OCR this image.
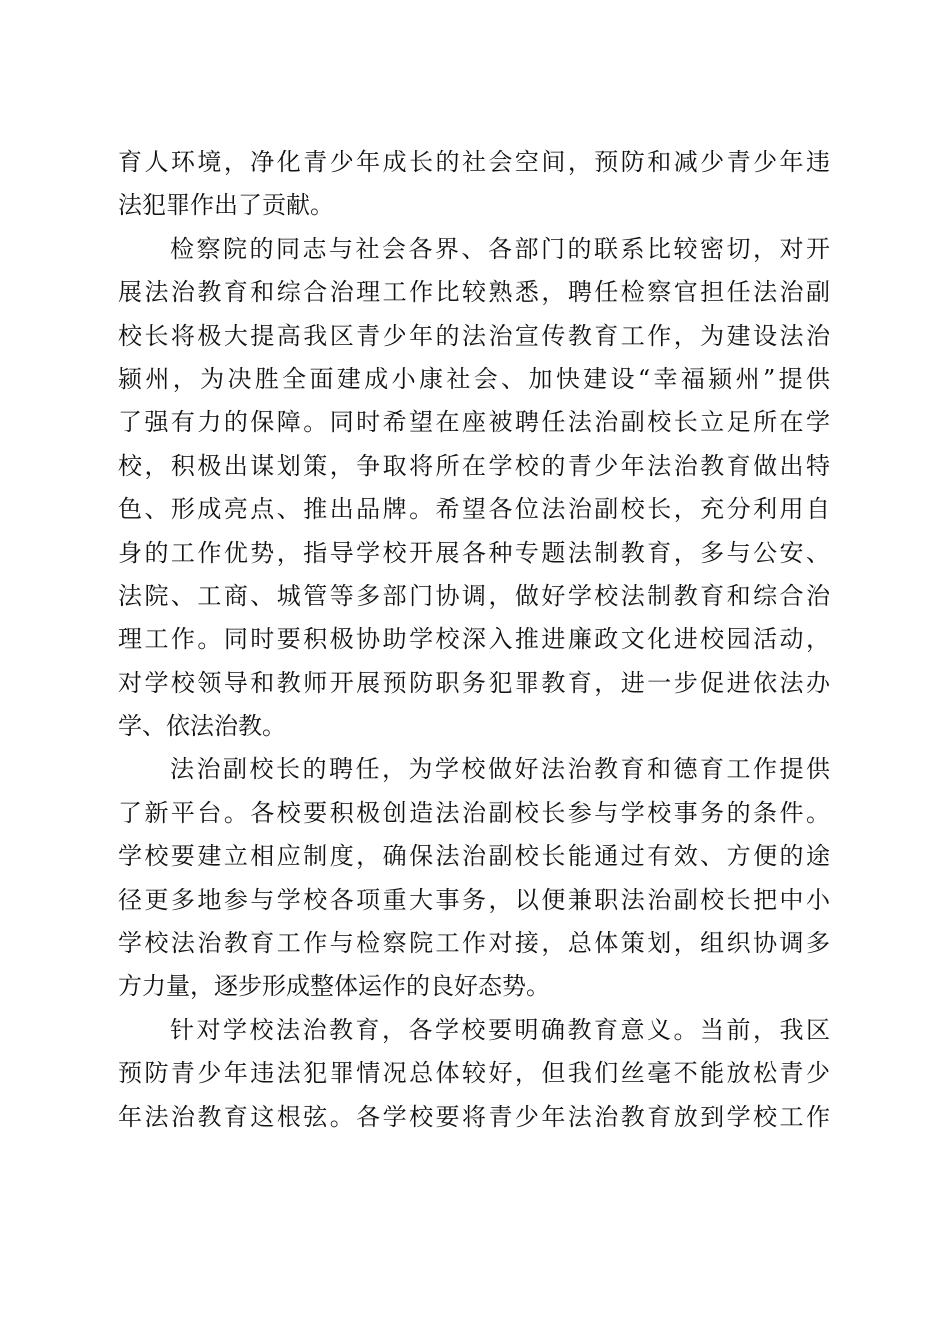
育人环境，净化青少年成长的社会空间，预防和减少青少年违
法犯罪作出了贡献。
检察院的同志与社会各界、各部门的联系比较密切，对开
展法治教育和综合治理工作比较熟悉，聘任检察官担任法治副
校长将极大提高我区青少年的法治宣传教育工作，为建设法治
颍州，为决胜全面建成小康社会、加快建设“幸福颍州”提供
了强有力的保障。同时希望在座被聘任法治副校长立足所在学
校，积极出谋划策，争取将所在学校的青少年法治教育做出特
色、形成亮点、推出品牌。希望各位法治副校长，充分利用自
身的工作优势，指导学校开展各种专题法制教育，多与公安、
法院、工商、城管等多部门协调，做好学校法制教育和综合治
理工作。同时要积极协助学校深入推进廉政文化进校园活动，
对学校领导和教师开展预防职务犯罪教育，进一步促进依法办
学、依法治教。
法治副校长的聘任，为学校做好法治教育和德育工作提供
了新平台。各校要积极创造法治副校长参与学校事务的条件。
学校要建立相应制度，确保法治副校长能通过有效、方便的途
径更多地参与学校各项重大事务，以便兼职法治副校长把中小
学校法治教育工作与检察院工作对接，总体策划，组织协调多
方力量，逐步形成整体运作的良好态势。
针对学校法治教育，各学校要明确教育意义。当前，我区
预防青少年违法犯罪情况总体较好，但我们丝毫不能放松青少
年法治教育这根弦。各学校要将青少年法治教育放到学校工作
